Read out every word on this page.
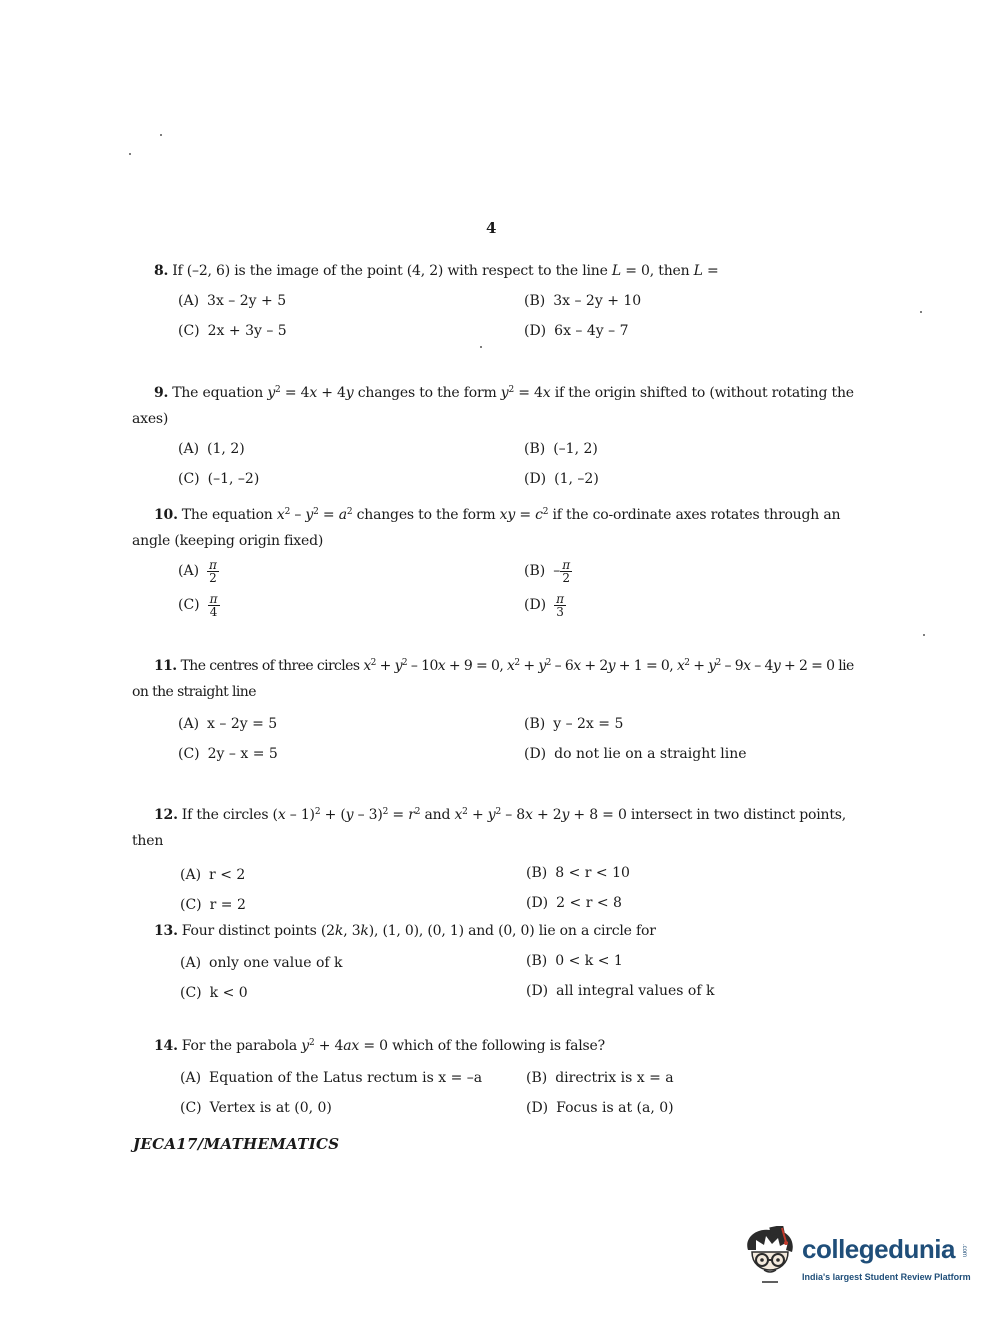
4
8. If (–2, 6) is the image of the point (4, 2) with respect to the line L = 0, then L =
(A) 3x – 2y + 5	(B) 3x – 2y + 10
(C) 2x + 3y – 5	(D) 6x – 4y – 7
9. The equation $y^2 = 4x + 4y$ changes to the form $y^2 = 4x$ if the origin shifted to (without rotating the axes)
(A) (1, 2)	(B) (–1, 2)
(C) (–1, –2)	(D) (1, –2)
10. The equation $x^2 - y^2 = a^2$ changes to the form xy = $c^2$ if the co-ordinate axes rotates through an angle (keeping origin fixed)
$(A) \frac{\pi}{2}$	$(B) - \frac{\pi}{2}$
$(C) \frac{\pi}{4}$	$(D) \frac{\pi}{3}$
11. The centres of three circles $x^2 + y^2 - 10x + 9 = 0$, $x^2 + y^2 - 6x + 2y + 1 = 0$, $x^2 + y^2 - 9x - 4y + 2 = 0$ lie on the straight line
(A) x – 2y = 5	(B) y – 2x = 5
(C) 2y – x = 5	(D) do not lie on a straight line
12. If the circles $(x - 1)^2 + (y - 3)^2 = r^2$ and $x^2 + y^2 - 8x + 2y + 8 = 0$ intersect in two distinct points, then
(A) r < 2	(B) 8 < r < 10
(C) r = 2	(D) 2 < r < 8
13. Four distinct points (2k, 3k), (1, 0), (0, 1) and (0, 0) lie on a circle for
(A) only one value of k	(B) 0 < k < 1
(C) k < 0	(D) all integral values of k
14. For the parabola $y^2 + 4ax = 0$ which of the following is false?
(A) Equation of the Latus rectum is x = –a	(B) directrix is x = a
(C) Vertex is at (0, 0)	(D) Focus is at (a, 0)
JECA17/MATHEMATICS
collegedunia .com
India's largest Student Review Platform
